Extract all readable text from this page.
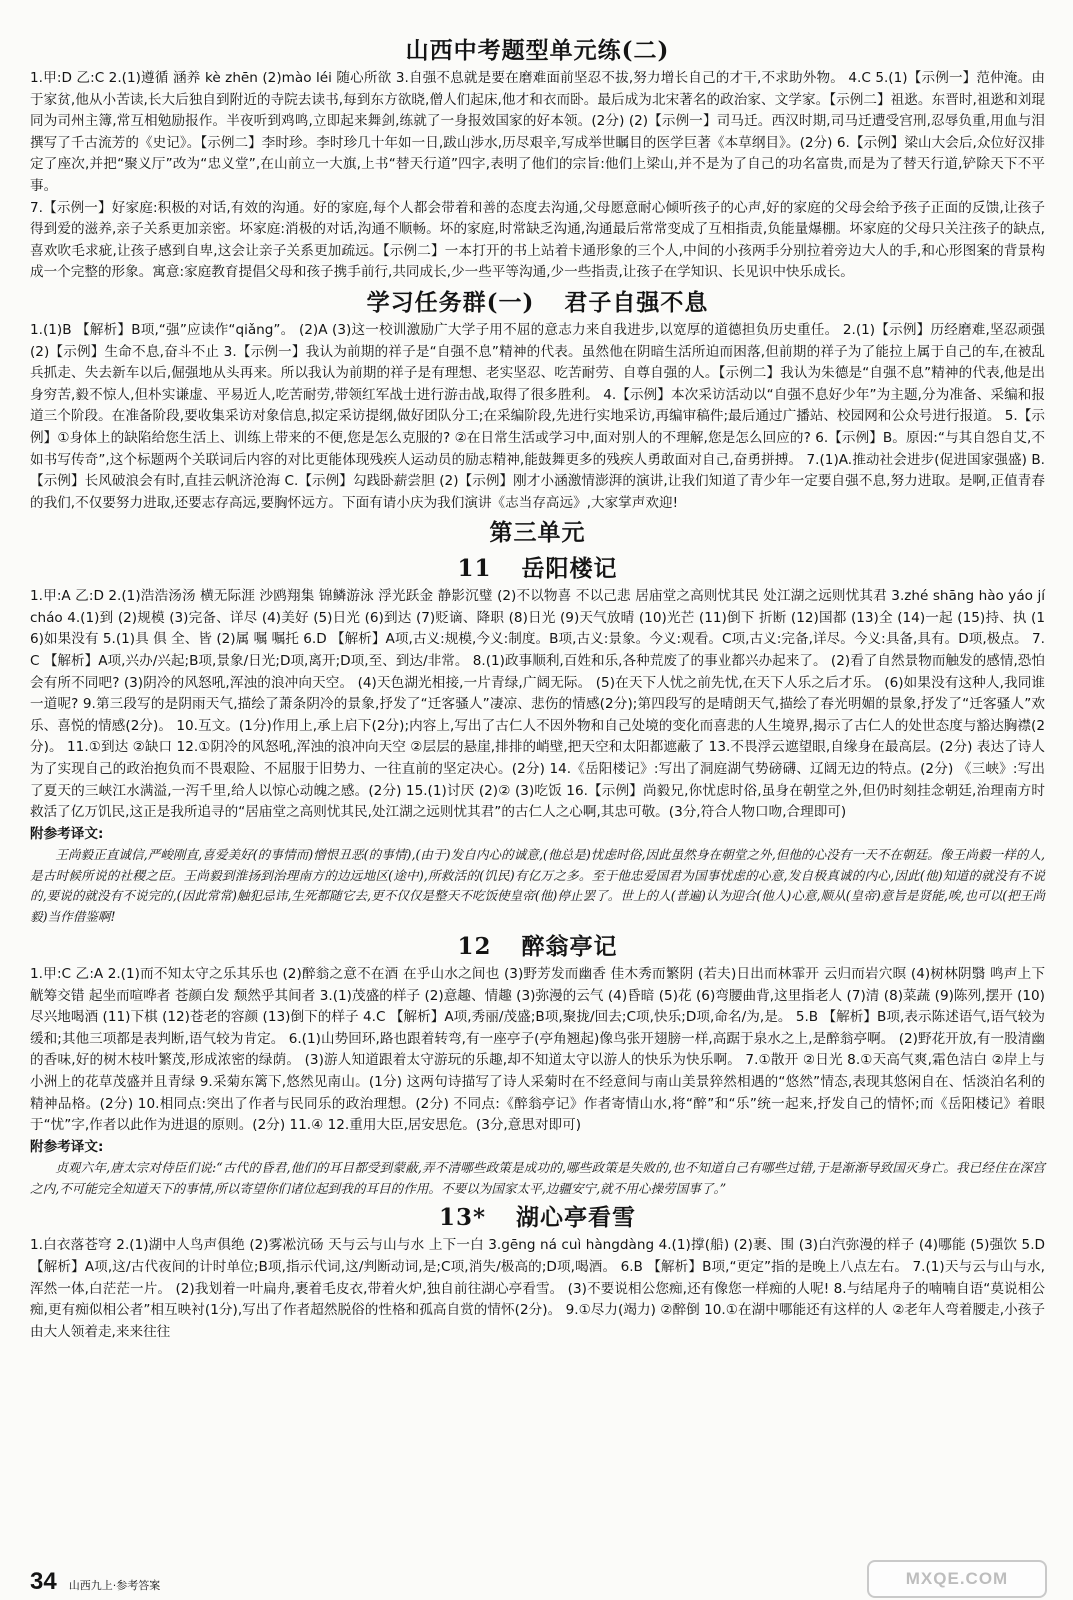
山西中考题型单元练(二)

1.甲:D 乙:C 2.(1)遵循 涵养 kè zhēn (2)mào léi 随心所欲 3.自强不息就是要在磨难面前坚忍不拔,努力增长自己的才干,不求助外物。 4.C 5.(1)【示例一】范仲淹。由于家贫,他从小苦读,长大后独自到附近的寺院去读书,每到东方欲晓,僧人们起床,他才和衣而卧。最后成为北宋著名的政治家、文学家。【示例二】祖逖。东晋时,祖逖和刘琨同为司州主簿,常互相勉励报作。半夜听到鸡鸣,立即起来舞剑,练就了一身报效国家的好本领。(2分) (2)【示例一】司马迁。西汉时期,司马迁遭受宫刑,忍辱负重,用血与泪撰写了千古流芳的《史记》。【示例二】李时珍。李时珍几十年如一日,跋山涉水,历尽艰辛,写成举世瞩目的医学巨著《本草纲目》。(2分) 6.【示例】梁山大会后,众位好汉排定了座次,并把“聚义厅”改为“忠义堂”,在山前立一大旗,上书“替天行道”四字,表明了他们的宗旨:他们上梁山,并不是为了自己的功名富贵,而是为了替天行道,铲除天下不平事。

7.【示例一】好家庭:积极的对话,有效的沟通。好的家庭,每个人都会带着和善的态度去沟通,父母愿意耐心倾听孩子的心声,好的家庭的父母会给予孩子正面的反馈,让孩子得到爱的滋养,亲子关系更加亲密。坏家庭:消极的对话,沟通不顺畅。坏的家庭,时常缺乏沟通,沟通最后常常变成了互相指责,负能量爆棚。坏家庭的父母只关注孩子的缺点,喜欢吹毛求疵,让孩子感到自卑,这会让亲子关系更加疏远。【示例二】一本打开的书上站着卡通形象的三个人,中间的小孩两手分别拉着旁边大人的手,和心形图案的背景构成一个完整的形象。寓意:家庭教育提倡父母和孩子携手前行,共同成长,少一些平等沟通,少一些指责,让孩子在学知识、长见识中快乐成长。

学习任务群(一) 君子自强不息

1.(1)B 【解析】B项,“强”应读作“qiǎng”。 (2)A (3)这一校训激励广大学子用不屈的意志力来自我进步,以宽厚的道德担负历史重任。 2.(1)【示例】历经磨难,坚忍顽强 (2)【示例】生命不息,奋斗不止 3.【示例一】我认为前期的祥子是“自强不息”精神的代表。虽然他在阴暗生活所迫而困落,但前期的祥子为了能拉上属于自己的车,在被乱兵抓走、失去新车以后,倔强地从头再来。所以我认为前期的祥子是有理想、老实坚忍、吃苦耐劳、自尊自强的人。【示例二】我认为朱德是“自强不息”精神的代表,他是出身穷苦,毅不惊人,但朴实谦虚、平易近人,吃苦耐劳,带领红军战士进行游击战,取得了很多胜利。 4.【示例】本次采访活动以“自强不息好少年”为主题,分为准备、采编和报道三个阶段。在准备阶段,要收集采访对象信息,拟定采访提纲,做好团队分工;在采编阶段,先进行实地采访,再编审稿件;最后通过广播站、校园网和公众号进行报道。 5.【示例】①身体上的缺陷给您生活上、训练上带来的不便,您是怎么克服的? ②在日常生活或学习中,面对别人的不理解,您是怎么回应的? 6.【示例】B。原因:“与其自怨自艾,不如书写传奇”,这个标题两个关联词后内容的对比更能体现残疾人运动员的励志精神,能鼓舞更多的残疾人勇敢面对自己,奋勇拼搏。 7.(1)A.推动社会进步(促进国家强盛) B.【示例】长风破浪会有时,直挂云帆济沧海 C.【示例】勾践卧薪尝胆 (2)【示例】刚才小涵激情澎湃的演讲,让我们知道了青少年一定要自强不息,努力进取。是啊,正值青春的我们,不仅要努力进取,还要志存高远,要胸怀远方。下面有请小庆为我们演讲《志当存高远》,大家掌声欢迎!

第三单元
11 岳阳楼记

1.甲:A 乙:D 2.(1)浩浩汤汤 横无际涯 沙鸥翔集 锦鳞游泳 浮光跃金 静影沉璧 (2)不以物喜 不以己悲 居庙堂之高则忧其民 处江湖之远则忧其君 3.zhé shāng hào yáo jí cháo 4.(1)到 (2)规模 (3)完备、详尽 (4)美好 (5)日光 (6)到达 (7)贬谪、降职 (8)日光 (9)天气放晴 (10)光芒 (11)倒下 折断 (12)国都 (13)全 (14)一起 (15)持、执 (16)如果没有 5.(1)具 俱 全、皆 (2)属 嘱 嘱托 6.D 【解析】A项,古义:规模,今义:制度。B项,古义:景象。今义:观看。C项,古义:完备,详尽。今义:具备,具有。D项,极点。 7.C 【解析】A项,兴办/兴起;B项,景象/日光;D项,离开;D项,至、到达/非常。 8.(1)政事顺利,百姓和乐,各种荒废了的事业都兴办起来了。 (2)看了自然景物而触发的感情,恐怕会有所不同吧? (3)阴冷的风怒吼,浑浊的浪冲向天空。 (4)天色湖光相接,一片青绿,广阔无际。 (5)在天下人忧之前先忧,在天下人乐之后才乐。 (6)如果没有这种人,我同谁一道呢? 9.第三段写的是阴雨天气,描绘了萧条阴冷的景象,抒发了“迁客骚人”凄凉、悲伤的情感(2分);第四段写的是晴朗天气,描绘了春光明媚的景象,抒发了“迁客骚人”欢乐、喜悦的情感(2分)。 10.互文。(1分)作用上,承上启下(2分);内容上,写出了古仁人不因外物和自己处境的变化而喜悲的人生境界,揭示了古仁人的处世态度与豁达胸襟(2分)。 11.①到达 ②缺口 12.①阴冷的风怒吼,浑浊的浪冲向天空 ②层层的悬崖,排排的峭壁,把天空和太阳都遮蔽了 13.不畏浮云遮望眼,自缘身在最高层。(2分) 表达了诗人为了实现自己的政治抱负而不畏艰险、不屈服于旧势力、一往直前的坚定决心。(2分) 14.《岳阳楼记》:写出了洞庭湖气势磅礴、辽阔无边的特点。(2分) 《三峡》:写出了夏天的三峡江水满溢,一泻千里,给人以惊心动魄之感。(2分) 15.(1)讨厌 (2)② (3)吃饭 16.【示例】尚毅兄,你忧虑时俗,虽身在朝堂之外,但仍时刻挂念朝廷,治理南方时救活了亿万饥民,这正是我所追寻的“居庙堂之高则忧其民,处江湖之远则忧其君”的古仁人之心啊,其忠可敬。(3分,符合人物口吻,合理即可)

附参考译文:

王尚毅正直诚信,严峻刚直,喜爱美好(的事情而)憎恨丑恶(的事情),(由于)发自内心的诚意,(他总是)忧虑时俗,因此虽然身在朝堂之外,但他的心没有一天不在朝廷。像王尚毅一样的人,是古时候所说的社稷之臣。王尚毅到淮扬到治理南方的边远地区(途中),所救活的(饥民)有亿万之多。至于他忠爱国君为国事忧虑的心意,发自极真诚的内心,因此(他)知道的就没有不说的,要说的就没有不说完的,(因此常常)触犯忌讳,生死都随它去,更不仅仅是整天不吃饭使皇帝(他)停止罢了。世上的人(普遍)认为迎合(他人)心意,顺从(皇帝)意旨是贤能,唉,也可以(把王尚毅)当作借鉴啊!

12 醉翁亭记

1.甲:C 乙:A 2.(1)而不知太守之乐其乐也 (2)醉翁之意不在酒 在乎山水之间也 (3)野芳发而幽香 佳木秀而繁阴 (若夫)日出而林霏开 云归而岩穴暝 (4)树林阴翳 鸣声上下 觥筹交错 起坐而喧哗者 苍颜白发 颓然乎其间者 3.(1)茂盛的样子 (2)意趣、情趣 (3)弥漫的云气 (4)昏暗 (5)花 (6)弯腰曲背,这里指老人 (7)清 (8)菜蔬 (9)陈列,摆开 (10)尽兴地喝酒 (11)下棋 (12)苍老的容颜 (13)倒下的样子 4.C 【解析】A项,秀丽/茂盛;B项,聚拢/回去;C项,快乐;D项,命名/为,是。 5.B 【解析】B项,表示陈述语气,语气较为缓和;其他三项都是表判断,语气较为肯定。 6.(1)山势回环,路也跟着转弯,有一座亭子(亭角翘起)像鸟张开翅膀一样,高踞于泉水之上,是醉翁亭啊。 (2)野花开放,有一股清幽的香味,好的树木枝叶繁茂,形成浓密的绿荫。 (3)游人知道跟着太守游玩的乐趣,却不知道太守以游人的快乐为快乐啊。 7.①散开 ②日光 8.①天高气爽,霜色洁白 ②岸上与小洲上的花草茂盛并且青绿 9.采菊东篱下,悠然见南山。(1分) 这两句诗描写了诗人采菊时在不经意间与南山美景猝然相遇的“悠然”情态,表现其悠闲自在、恬淡泊名利的精神品格。(2分) 10.相同点:突出了作者与民同乐的政治理想。(2分) 不同点:《醉翁亭记》作者寄情山水,将“醉”和“乐”统一起来,抒发自己的情怀;而《岳阳楼记》着眼于“忧”字,作者以此作为进退的原则。(2分) 11.④ 12.重用大臣,居安思危。(3分,意思对即可)

附参考译文:

贞观六年,唐太宗对侍臣们说:“古代的昏君,他们的耳目都受到蒙蔽,弄不清哪些政策是成功的,哪些政策是失败的,也不知道自己有哪些过错,于是渐渐导致国灭身亡。我已经住在深宫之内,不可能完全知道天下的事情,所以寄望你们诸位起到我的耳目的作用。不要以为国家太平,边疆安宁,就不用心操劳国事了。”

13* 湖心亭看雪

1.白衣落苍穹 2.(1)湖中人鸟声俱绝 (2)雾凇沆砀 天与云与山与水 上下一白 3.gēng ná cuì hàngdàng 4.(1)撑(船) (2)裹、围 (3)白汽弥漫的样子 (4)哪能 (5)强饮 5.D 【解析】A项,这/古代夜间的计时单位;B项,指示代词,这/判断动词,是;C项,消失/极高的;D项,喝酒。 6.B 【解析】B项,“更定”指的是晚上八点左右。 7.(1)天与云与山与水,浑然一体,白茫茫一片。 (2)我划着一叶扁舟,裹着毛皮衣,带着火炉,独自前往湖心亭看雪。 (3)不要说相公您痴,还有像您一样痴的人呢! 8.与结尾舟子的喃喃自语“莫说相公痴,更有痴似相公者”相互映衬(1分),写出了作者超然脱俗的性格和孤高自赏的情怀(2分)。 9.①尽力(竭力) ②醉倒 10.①在湖中哪能还有这样的人 ②老年人弯着腰走,小孩子由大人领着走,来来往往

34 山西九上·参考答案	MXQE.COM
